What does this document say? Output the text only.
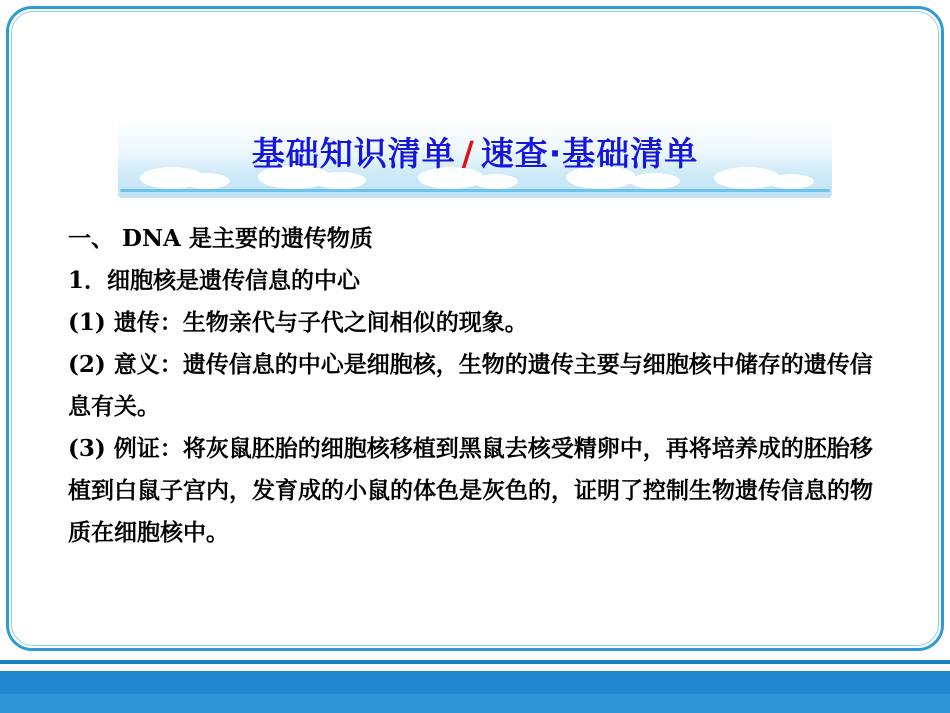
基础知识清单 / 速查·基础清单

一、 DNA 是主要的遗传物质

1．细胞核是遗传信息的中心

(1) 遗传：生物亲代与子代之间相似的现象。

(2) 意义：遗传信息的中心是细胞核，生物的遗传主要与细胞核中储存的遗传信息有关。

(3) 例证：将灰鼠胚胎的细胞核移植到黑鼠去核受精卵中，再将培养成的胚胎移植到白鼠子宫内，发育成的小鼠的体色是灰色的，证明了控制生物遗传信息的物质在细胞核中。
